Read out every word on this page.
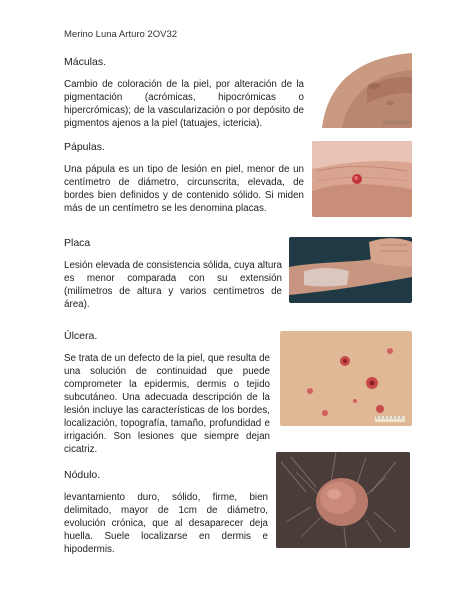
Merino Luna Arturo 2OV32

Máculas.

Cambio de coloración de la piel, por alteración de la pigmentación (acrómicas, hipocrómicas o hipercrómicas); de la vascularización o por depósito de pigmentos ajenos a la piel (tatuajes, ictericia).

Pápulas.

Una pápula es un tipo de lesión en piel, menor de un centímetro de diámetro, circunscrita, elevada, de bordes bien definidos y de contenido sólido. Si miden más de un centímetro se les denomina placas.

Placa

Lesión elevada de consistencia sólida, cuya altura es menor comparada con su extensión (milímetros de altura y varios centímetros de área).

Úlcera.

Se trata de un defecto de la piel, que resulta de una solución de continuidad que puede comprometer la epidermis, dermis o tejido subcutáneo. Una adecuada descripción de la lesión incluye las características de los bordes, localización, topografía, tamaño, profundidad e irrigación. Son lesiones que siempre dejan cicatriz.

Nódulo.

levantamiento duro, sólido, firme, bien delimitado, mayor de 1cm de diámetro, evolución crónica, que al desaparecer deja huella. Suele localizarse en dermis e hipodermis.
